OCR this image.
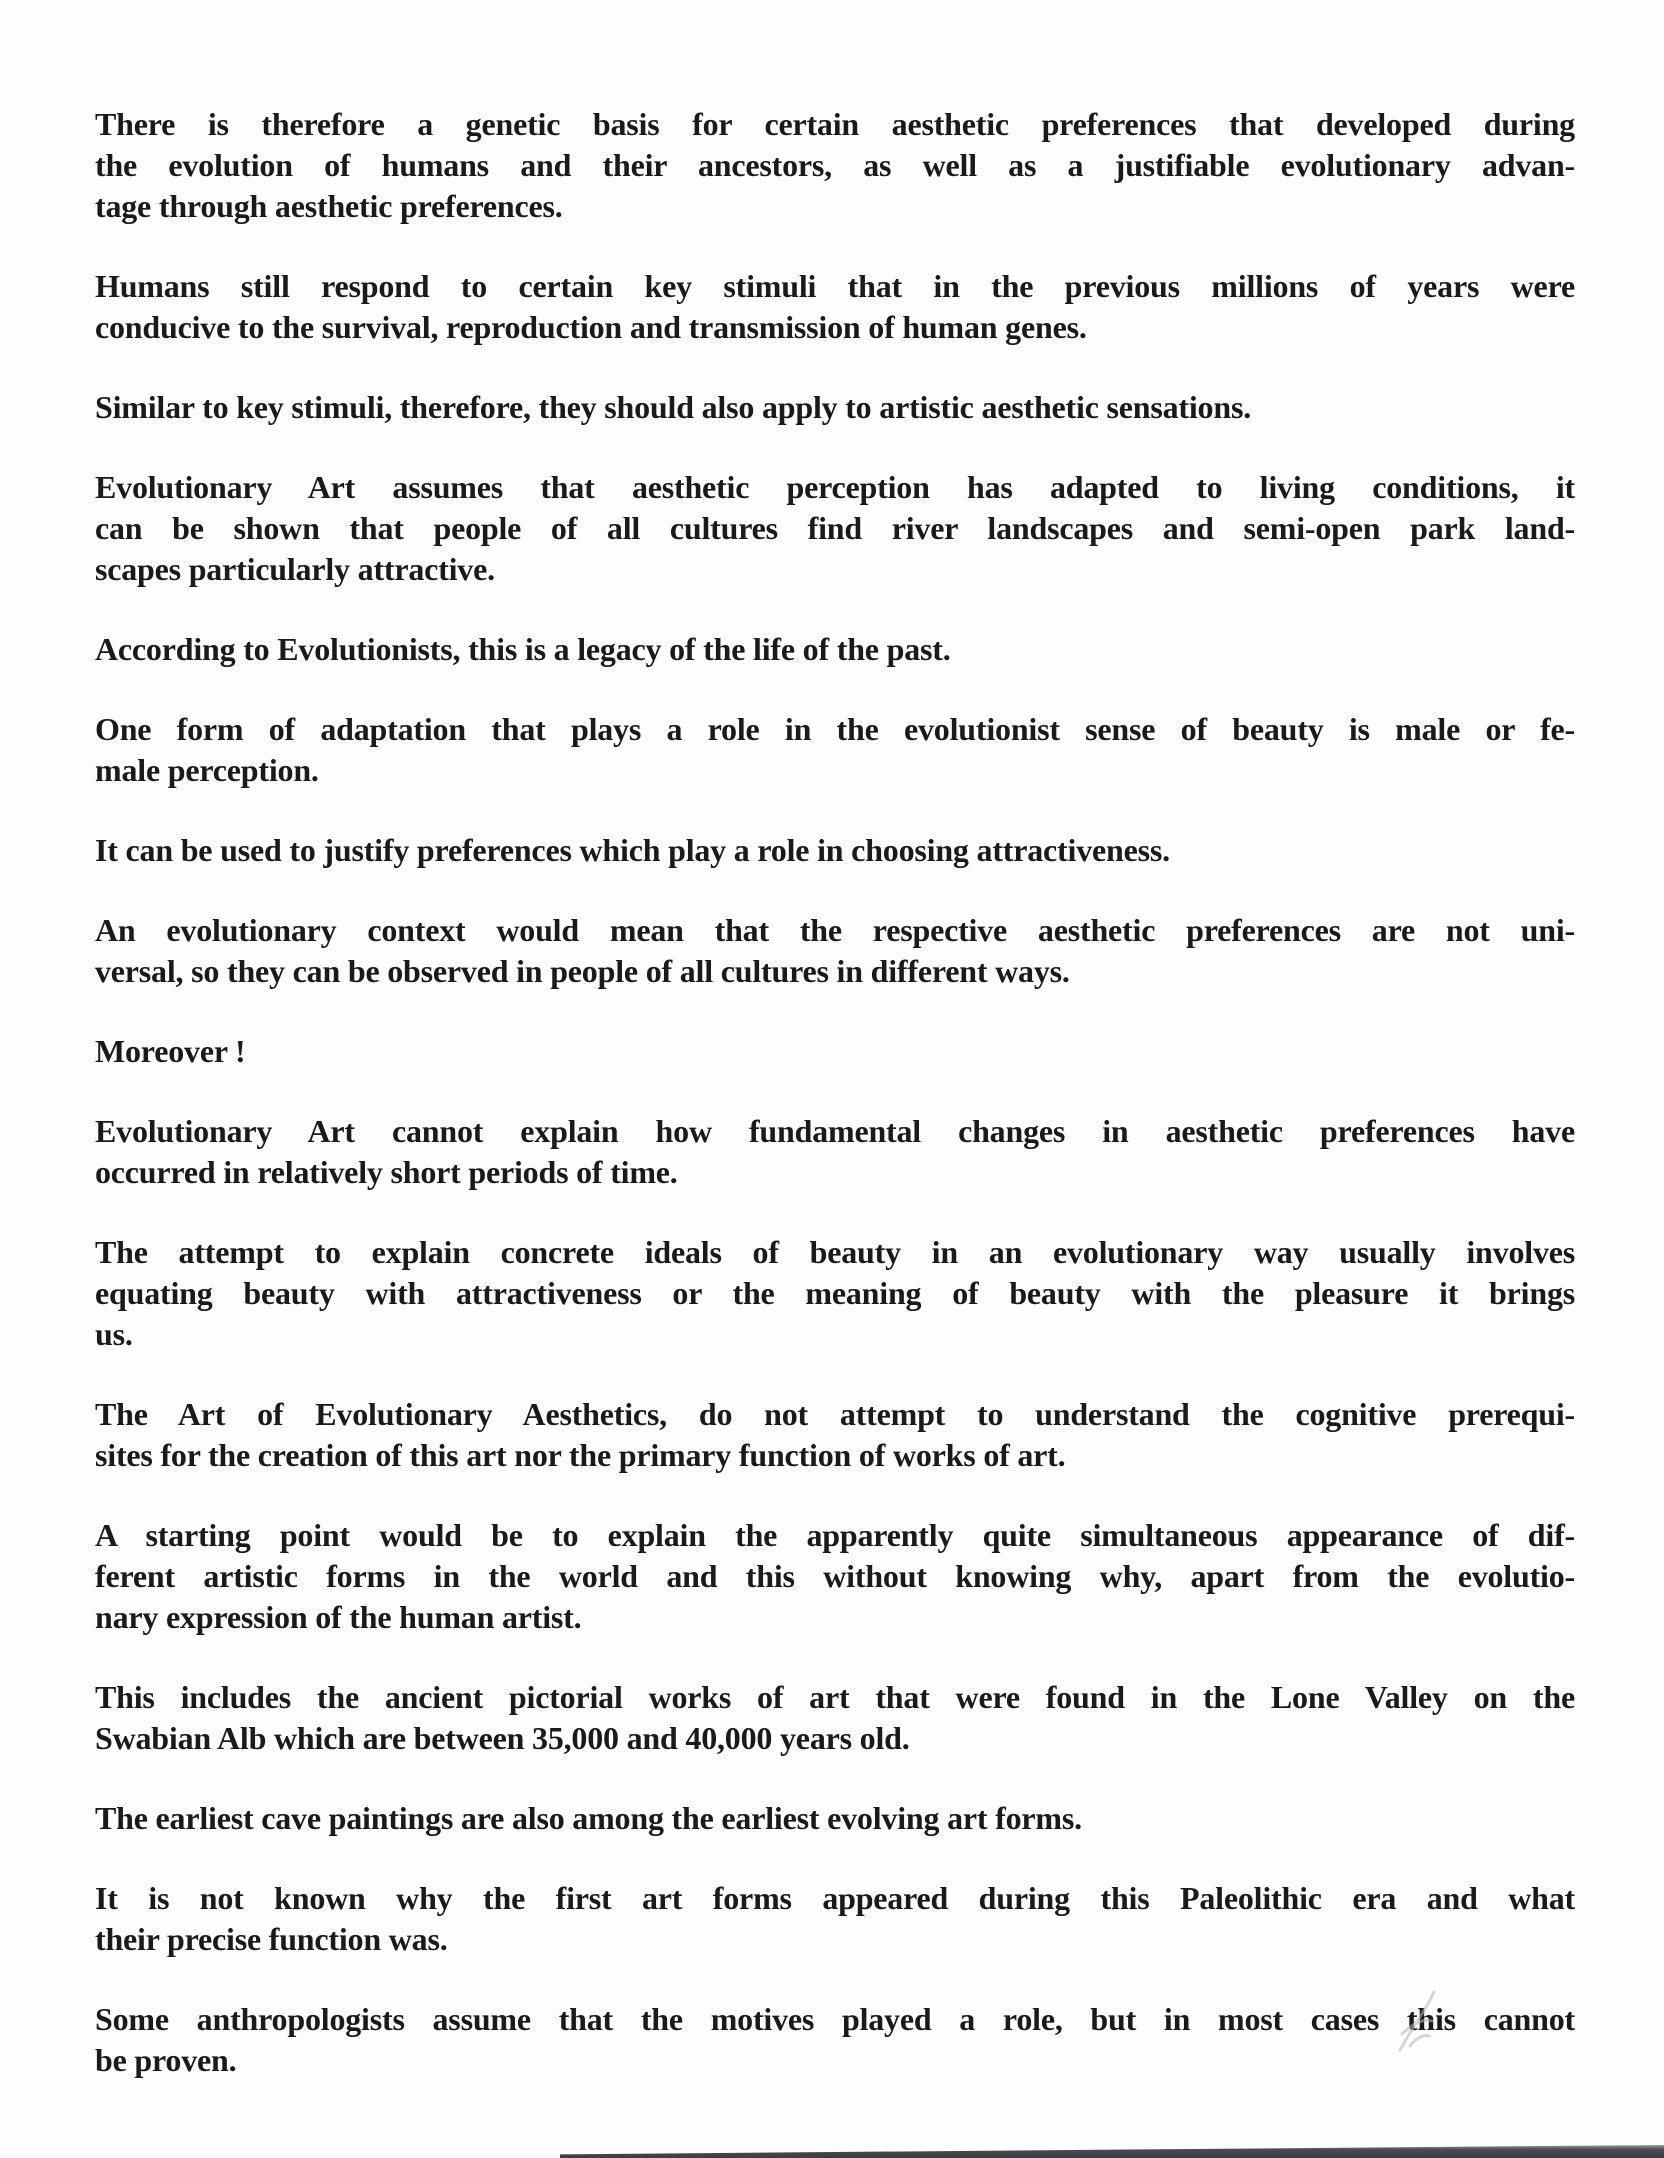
There is therefore a genetic basis for certain aesthetic preferences that developed during
the evolution of humans and their ancestors, as well as a justifiable evolutionary advan-
tage through aesthetic preferences.
Humans still respond to certain key stimuli that in the previous millions of years were
conducive to the survival, reproduction and transmission of human genes.
Similar to key stimuli, therefore, they should also apply to artistic aesthetic sensations.
Evolutionary Art assumes that aesthetic perception has adapted to living conditions, it
can be shown that people of all cultures find river landscapes and semi-open park land-
scapes particularly attractive.
According to Evolutionists, this is a legacy of the life of the past.
One form of adaptation that plays a role in the evolutionist sense of beauty is male or fe-
male perception.
It can be used to justify preferences which play a role in choosing attractiveness.
An evolutionary context would mean that the respective aesthetic preferences are not uni-
versal, so they can be observed in people of all cultures in different ways.
Moreover !
Evolutionary Art cannot explain how fundamental changes in aesthetic preferences have
occurred in relatively short periods of time.
The attempt to explain concrete ideals of beauty in an evolutionary way usually involves
equating beauty with attractiveness or the meaning of beauty with the pleasure it brings
us.
The Art of Evolutionary Aesthetics, do not attempt to understand the cognitive prerequi-
sites for the creation of this art nor the primary function of works of art.
A starting point would be to explain the apparently quite simultaneous appearance of dif-
ferent artistic forms in the world and this without knowing why, apart from the evolutio-
nary expression of the human artist.
This includes the ancient pictorial works of art that were found in the Lone Valley on the
Swabian Alb which are between 35,000 and 40,000 years old.
The earliest cave paintings are also among the earliest evolving art forms.
It is not known why the first art forms appeared during this Paleolithic era and what
their precise function was.
Some anthropologists assume that the motives played a role, but in most cases this cannot
be proven.
